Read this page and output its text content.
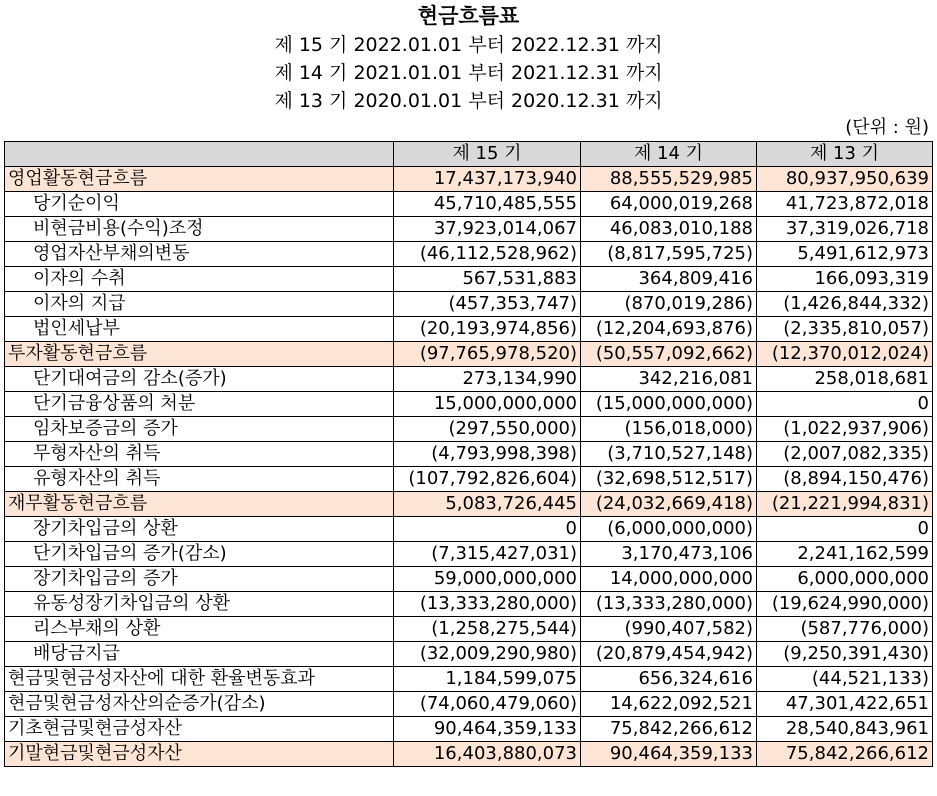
현금흐름표
제 15 기 2022.01.01 부터 2022.12.31 까지
제 14 기 2021.01.01 부터 2021.12.31 까지
제 13 기 2020.01.01 부터 2020.12.31 까지
(단위 : 원)
	제 15 기	제 14 기	제 13 기
영업활동현금흐름	17,437,173,940	88,555,529,985	80,937,950,639
당기순이익	45,710,485,555	64,000,019,268	41,723,872,018
비현금비용(수익)조정	37,923,014,067	46,083,010,188	37,319,026,718
영업자산부채의변동	(46,112,528,962)	(8,817,595,725)	5,491,612,973
이자의 수취	567,531,883	364,809,416	166,093,319
이자의 지급	(457,353,747)	(870,019,286)	(1,426,844,332)
법인세납부	(20,193,974,856)	(12,204,693,876)	(2,335,810,057)
투자활동현금흐름	(97,765,978,520)	(50,557,092,662)	(12,370,012,024)
단기대여금의 감소(증가)	273,134,990	342,216,081	258,018,681
단기금융상품의 처분	15,000,000,000	(15,000,000,000)	0
임차보증금의 증가	(297,550,000)	(156,018,000)	(1,022,937,906)
무형자산의 취득	(4,793,998,398)	(3,710,527,148)	(2,007,082,335)
유형자산의 취득	(107,792,826,604)	(32,698,512,517)	(8,894,150,476)
재무활동현금흐름	5,083,726,445	(24,032,669,418)	(21,221,994,831)
장기차입금의 상환	0	(6,000,000,000)	0
단기차입금의 증가(감소)	(7,315,427,031)	3,170,473,106	2,241,162,599
장기차입금의 증가	59,000,000,000	14,000,000,000	6,000,000,000
유동성장기차입금의 상환	(13,333,280,000)	(13,333,280,000)	(19,624,990,000)
리스부채의 상환	(1,258,275,544)	(990,407,582)	(587,776,000)
배당금지급	(32,009,290,980)	(20,879,454,942)	(9,250,391,430)
현금및현금성자산에 대한 환율변동효과	1,184,599,075	656,324,616	(44,521,133)
현금및현금성자산의순증가(감소)	(74,060,479,060)	14,622,092,521	47,301,422,651
기초현금및현금성자산	90,464,359,133	75,842,266,612	28,540,843,961
기말현금및현금성자산	16,403,880,073	90,464,359,133	75,842,266,612
